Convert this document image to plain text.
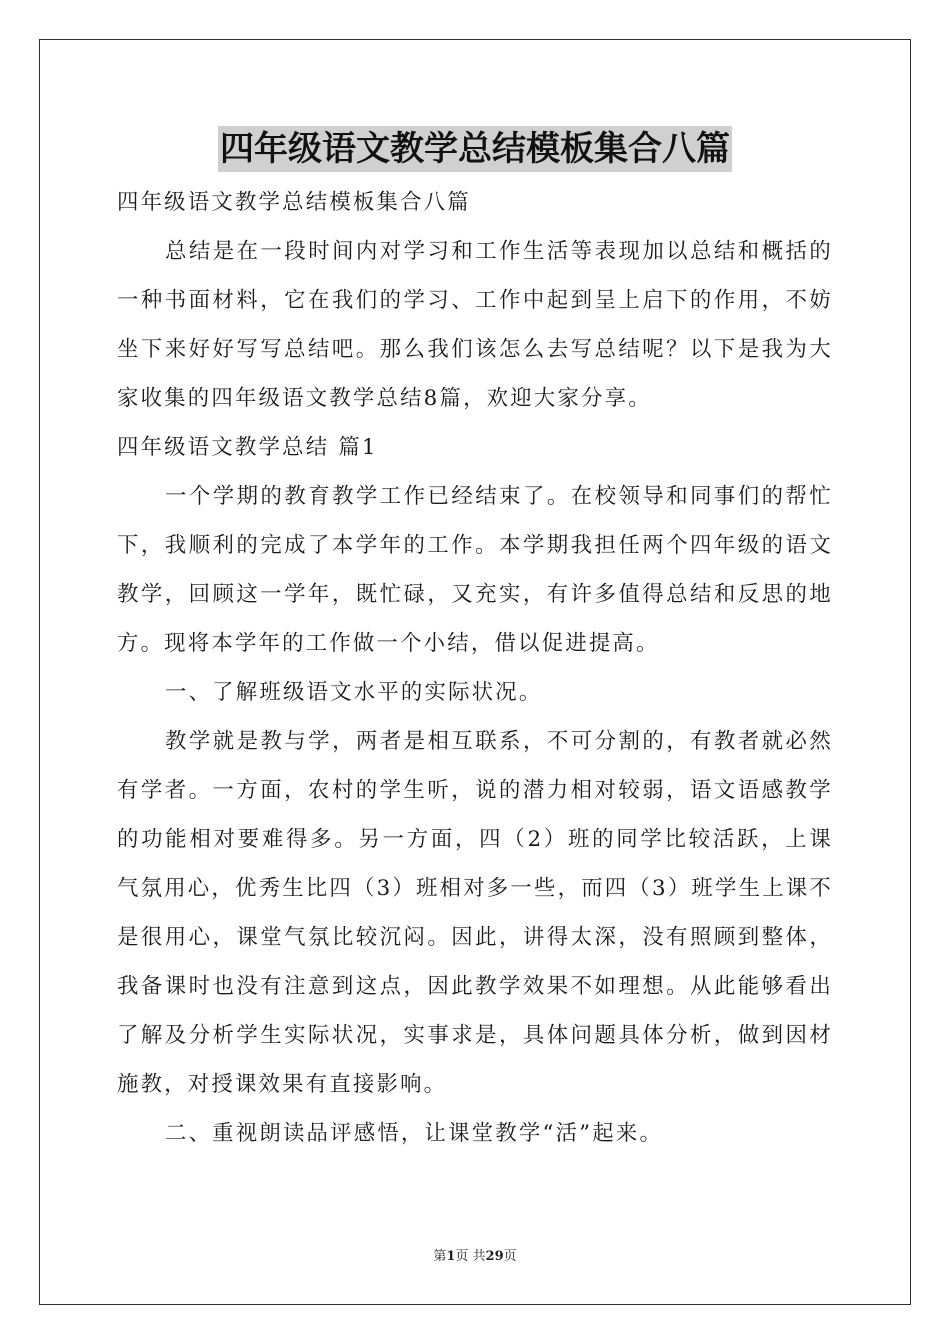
四年级语文教学总结模板集合八篇

四年级语文教学总结模板集合八篇

总结是在一段时间内对学习和工作生活等表现加以总结和概括的一种书面材料，它在我们的学习、工作中起到呈上启下的作用，不妨坐下来好好写写总结吧。那么我们该怎么去写总结呢？以下是我为大家收集的四年级语文教学总结8篇，欢迎大家分享。

四年级语文教学总结 篇1

一个学期的教育教学工作已经结束了。在校领导和同事们的帮忙下，我顺利的完成了本学年的工作。本学期我担任两个四年级的语文教学，回顾这一学年，既忙碌，又充实，有许多值得总结和反思的地方。现将本学年的工作做一个小结，借以促进提高。

一、了解班级语文水平的实际状况。

教学就是教与学，两者是相互联系，不可分割的，有教者就必然有学者。一方面，农村的学生听，说的潜力相对较弱，语文语感教学的功能相对要难得多。另一方面，四（2）班的同学比较活跃，上课气氛用心，优秀生比四（3）班相对多一些，而四（3）班学生上课不是很用心，课堂气氛比较沉闷。因此，讲得太深，没有照顾到整体，我备课时也没有注意到这点，因此教学效果不如理想。从此能够看出了解及分析学生实际状况，实事求是，具体问题具体分析，做到因材施教，对授课效果有直接影响。

二、重视朗读品评感悟，让课堂教学“活”起来。

第1页 共29页
